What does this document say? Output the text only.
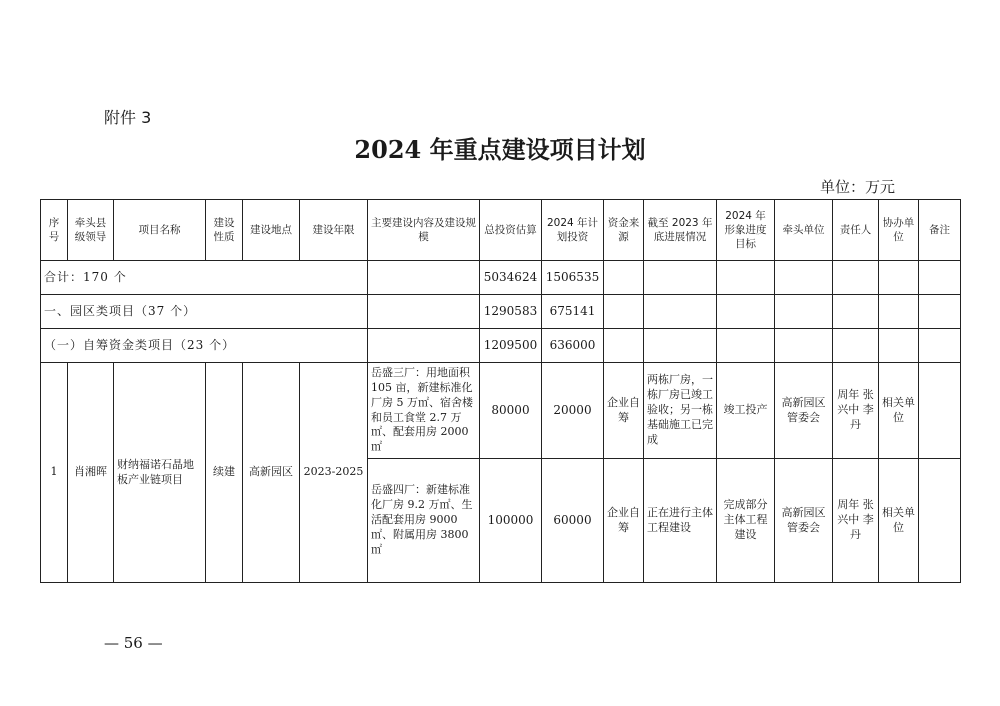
附件 3
2024 年重点建设项目计划
单位：万元
序号	牵头县级领导	项目名称	建设性质	建设地点	建设年限	主要建设内容及建设规模	总投资估算	2024 年计划投资	资金来源	截至 2023 年底进展情况	2024 年形象进度目标	牵头单位	责任人	协办单位	备注
合计：170 个							5034624	1506535							
一、园区类项目（37 个）							1290583	675141							
（一）自筹资金类项目（23 个）							1209500	636000							
1	肖湘晖	财纳福诺石晶地板产业链项目	续建	高新园区	2023-2025	岳盛三厂：用地面积 105 亩，新建标准化厂房 5 万㎡、宿舍楼和员工食堂 2.7 万㎡、配套用房 2000㎡	80000	20000	企业自筹	两栋厂房，一栋厂房已竣工验收；另一栋基础施工已完成	竣工投产	高新园区管委会	周年 张兴中 李丹	相关单位	
						岳盛四厂：新建标准化厂房 9.2 万㎡、生活配套用房 9000㎡、附属用房 3800㎡	100000	60000	企业自筹	正在进行主体工程建设	完成部分主体工程建设	高新园区管委会	周年 张兴中 李丹	相关单位	
— 56 —
